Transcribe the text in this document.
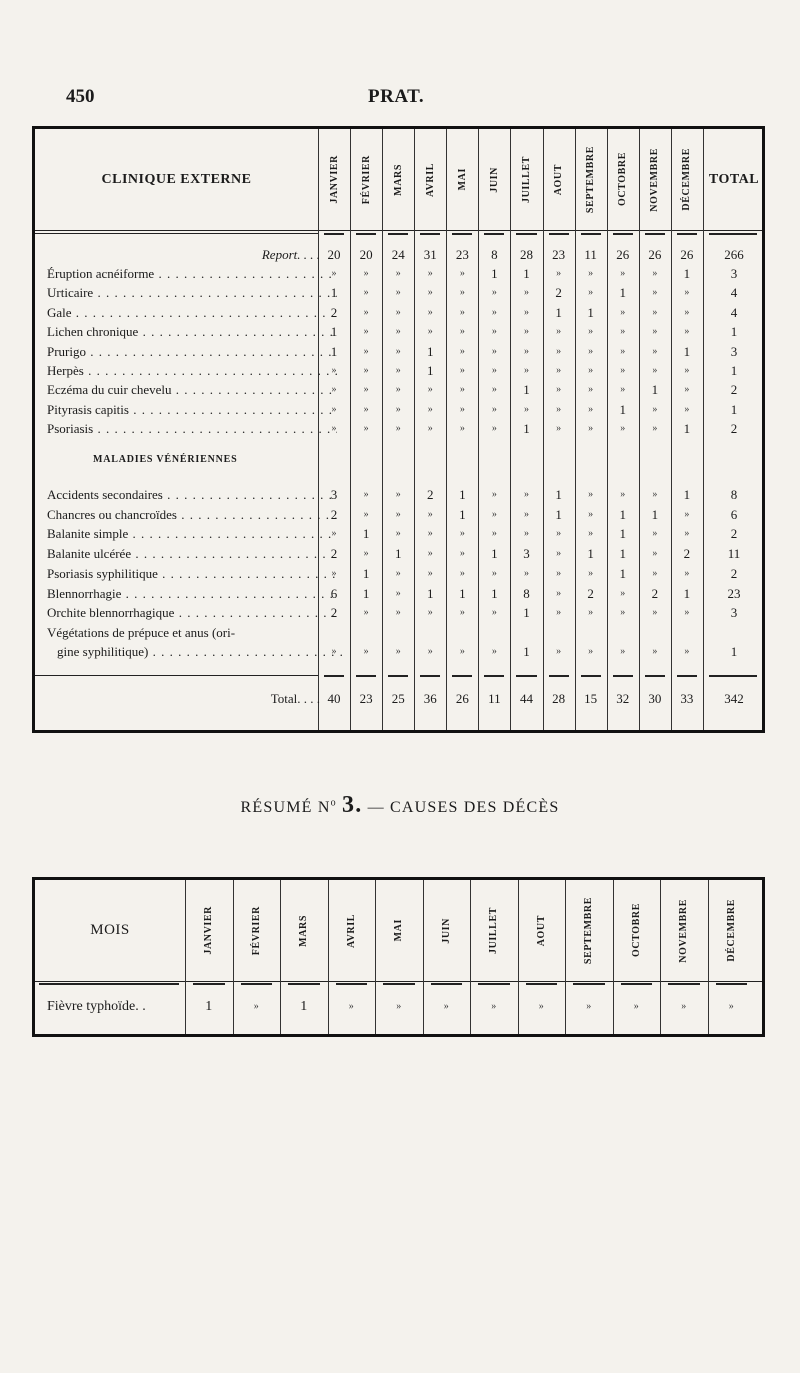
450	PRAT.
CLINIQUE EXTERNE	JANVIER FÉVRIER MARS AVRIL MAI JUIN JUILLET AOUT SEPTEMBRE OCTOBRE NOVEMBRE DÉCEMBRE TOTAL
Report. . . . 20	20	24	31	23	8	28	23	11	26	26	26	266
Éruption acnéiforme . . .	»	»	»	»	»	1	1	»	»	»	»	1	3
Urticaire . . .	1	»	»	»	»	»	»	2	»	1	»	»	4
Gale . . .	2	»	»	»	»	»	»	1	1	»	»	»	4
Lichen chronique . . .	1	»	»	»	»	»	»	»	»	»	»	»	1
Prurigo . . .	1	»	»	1	»	»	»	»	»	»	»	1	3
Herpès . . .	»	»	»	1	»	»	»	»	»	»	»	»	1
Eczéma du cuir chevelu . . .	»	»	»	»	»	»	1	»	»	»	1	»	2
Pityrasis capitis . . .	»	»	»	»	»	»	»	»	»	1	»	»	1
Psoriasis . . .	»	»	»	»	»	»	1	»	»	»	»	1	2
MALADIES VÉNÉRIENNES
Accidents secondaires . . .	3	»	»	2	1	»	»	1	»	»	»	1	8
Chancres ou chancroïdes . . .	2	»	»	»	1	»	»	1	»	1	1	»	6
Balanite simple . . .	»	1	»	»	»	»	»	»	»	1	»	»	2
Balanite ulcérée . . .	2	»	1	»	»	1	3	»	1	1	»	2	11
Psoriasis syphilitique . . .	»	1	»	»	»	»	»	»	»	1	»	»	2
Blennorrhagie . . .	6	1	»	1	1	1	8	»	2	»	2	1	23
Orchite blennorrhagique . . .	2	»	»	»	»	»	1	»	»	»	»	»	3
Végétations de prépuce et anus (ori-
gine syphilitique) . . .	»	»	»	»	»	»	1	»	»	»	»	»	1
Total. . . . 40	23	25	36	26	11	44	28	15	32	30	33	342
RÉSUMÉ $N^o$ 3. — CAUSES DES DÉCÈS
MOIS	JANVIER	FÉVRIER	MARS	AVRIL	MAI	JUIN	JUILLET	AOUT	SEPTEMBRE	OCTOBRE	NOVEMBRE	DÉCEMBRE
Fièvre typhoïde. .	1	»	1	»	»	»	»	»	»	»	»	»
